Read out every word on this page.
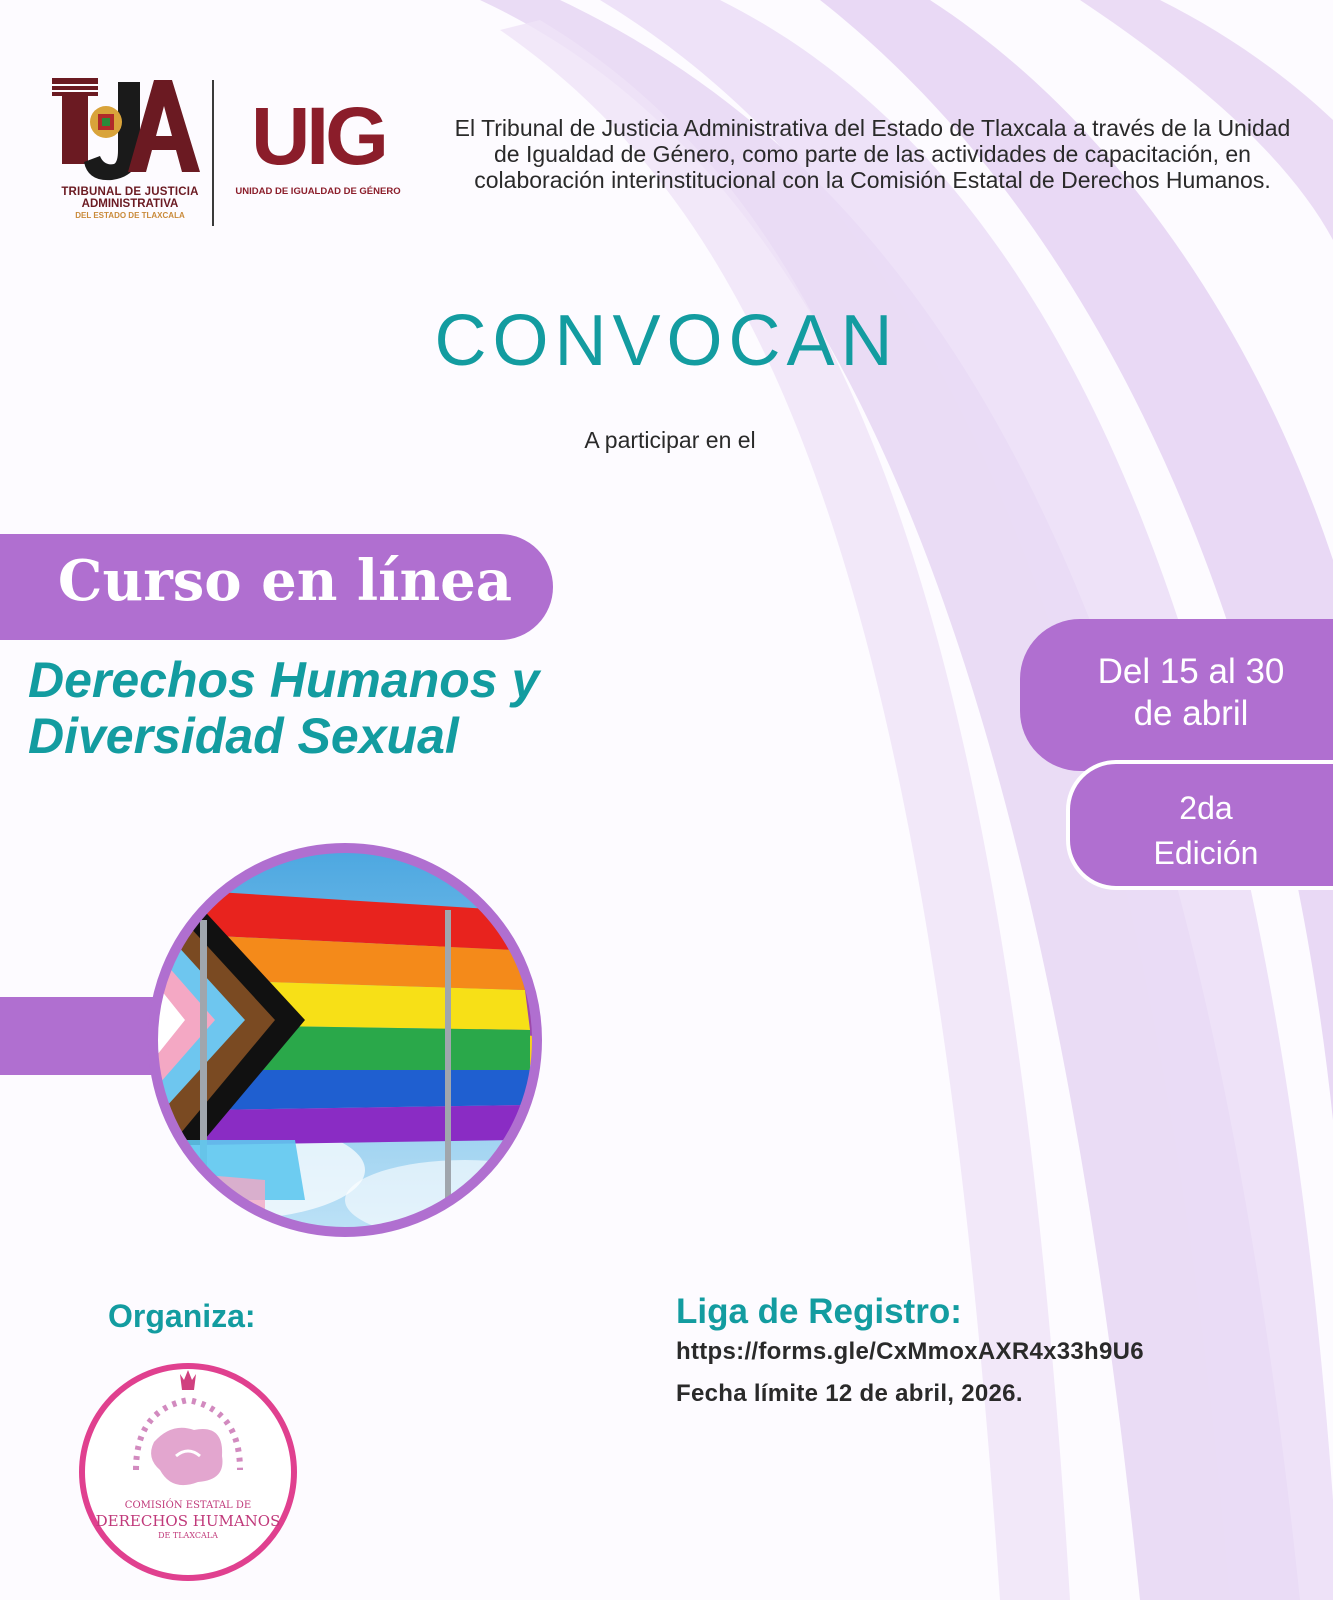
TRIBUNAL DE JUSTICIA
ADMINISTRATIVA
DEL ESTADO DE TLAXCALA
UIG
UNIDAD DE IGUALDAD DE GÉNERO
El Tribunal de Justicia Administrativa del Estado de Tlaxcala a través de la Unidad de Igualdad de Género, como parte de las actividades de capacitación, en colaboración interinstitucional con la Comisión Estatal de Derechos Humanos.
CONVOCAN
A participar en el
Curso en línea
Derechos Humanos y
Diversidad Sexual
Del 15 al 30
de abril
2da
Edición
Organiza:
COMISIÓN ESTATAL DE
DERECHOS HUMANOS
DE TLAXCALA
Liga de Registro:
https://forms.gle/CxMmoxAXR4x33h9U6
Fecha límite 12 de abril, 2026.
